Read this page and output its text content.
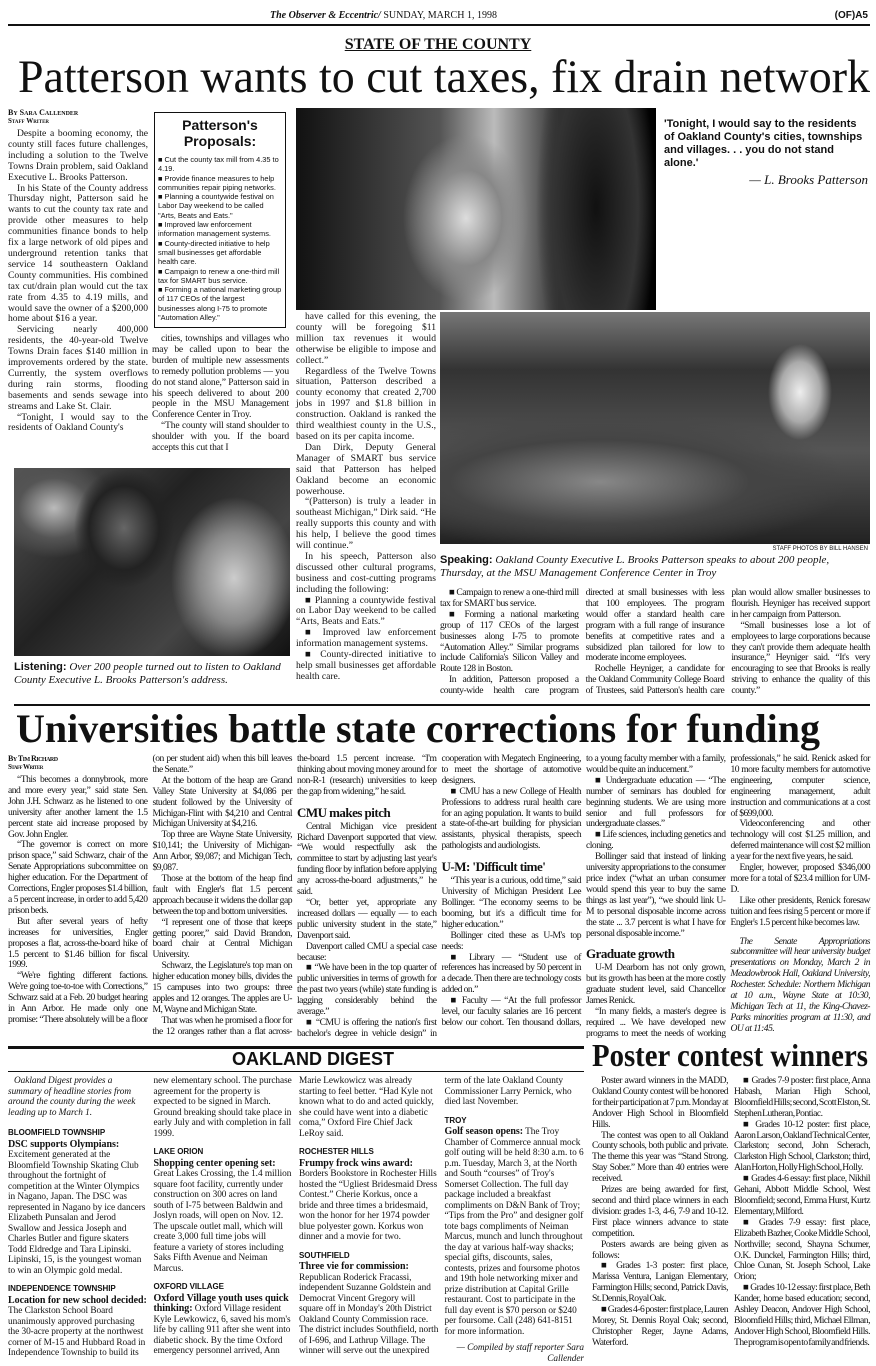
The Observer & Eccentric/ SUNDAY, MARCH 1, 1998	(OF)A5
STATE OF THE COUNTY
Patterson wants to cut taxes, fix drain network

By Sara Callender

Staff Writer

Despite a booming economy, the county still faces future challenges, including a solution to the Twelve Towns Drain problem, said Oakland Executive L. Brooks Patterson.

In his State of the County address Thursday night, Patterson said he wants to cut the county tax rate and provide other measures to help communities finance bonds to help fix a large network of old pipes and underground retention tanks that service 14 southeastern Oakland County communities. His combined tax cut/drain plan would cut the tax rate from 4.35 to 4.19 mills, and would save the owner of a $200,000 home about $16 a year.

Servicing nearly 400,000 residents, the 40-year-old Twelve Towns Drain faces $140 million in improvements ordered by the state. Currently, the system overflows during rain storms, flooding basements and sends sewage into streams and Lake St. Clair.

“Tonight, I would say to the residents of Oakland County's

Patterson's Proposals:
■ Cut the county tax mill from 4.35 to 4.19.
■ Provide finance measures to help communities repair piping networks.
■ Planning a countywide festival on Labor Day weekend to be called "Arts, Beats and Eats."
■ Improved law enforcement information management systems.
■ County-directed initiative to help small businesses get affordable health care.
■ Campaign to renew a one-third mill tax for SMART bus service.
■ Forming a national marketing group of 117 CEOs of the largest businesses along I-75 to promote "Automation Alley."

cities, townships and villages who may be called upon to bear the burden of multiple new assessments to remedy pollution problems — you do not stand alone,” Patterson said in his speech delivered to about 200 people in the MSU Management Conference Center in Troy.

“The county will stand shoulder to shoulder with you. If the board accepts this cut that I

'Tonight, I would say to the residents of Oakland County's cities, townships and villages. . . you do not stand alone.'
— L. Brooks Patterson
STAFF PHOTOS BY BILL HANSEN
Speaking: Oakland County Executive L. Brooks Patterson speaks to about 200 people, Thursday, at the MSU Management Conference Center in Troy

have called for this evening, the county will be foregoing $11 million tax revenues it would otherwise be eligible to impose and collect.”

Regardless of the Twelve Towns situation, Patterson described a county economy that created 2,700 jobs in 1997 and $1.8 billion in construction. Oakland is ranked the third wealthiest county in the U.S., based on its per capita income.

Dan Dirk, Deputy General Manager of SMART bus service said that Patterson has helped Oakland become an economic powerhouse.

“(Patterson) is truly a leader in southeast Michigan,” Dirk said. “He really supports this county and with his help, I believe the good times will continue.”

In his speech, Patterson also discussed other cultural programs, business and cost-cutting programs including the following:

■ Planning a countywide festival on Labor Day weekend to be called “Arts, Beats and Eats.”

■ Improved law enforcement information management systems.

■ County-directed initiative to help small businesses get affordable health care.

Listening: Over 200 people turned out to listen to Oakland County Executive L. Brooks Patterson's address.

■ Campaign to renew a one-third mill tax for SMART bus service.

■ Forming a national marketing group of 117 CEOs of the largest businesses along I-75 to promote “Automation Alley.” Similar programs include California's Silicon Valley and Route 128 in Boston.

In addition, Patterson proposed a county-wide health care program directed at small businesses with less that 100 employees. The program would offer a standard health care program with a full range of insurance benefits at competitive rates and a subsidized plan tailored for low to moderate income employees.

Rochelle Heyniger, a candidate for the Oakland Community College Board of Trustees, said Patterson's health care plan would allow smaller businesses to flourish. Heyniger has received support in her campaign from Patterson.

“Small businesses lose a lot of employees to large corporations because they can't provide them adequate health insurance,” Heyniger said. “It's very encouraging to see that Brooks is really striving to enhance the quality of this county.”

Universities battle state corrections for funding

By Tim Richard

Staff Writer

“This becomes a donnybrook, more and more every year,” said state Sen. John J.H. Schwarz as he listened to one university after another lament the 1.5 percent state aid increase proposed by Gov. John Engler.

“The governor is correct on more prison space,” said Schwarz, chair of the Senate Appropriations subcommittee on higher education. For the Department of Corrections, Engler proposes $1.4 billion, a 5 percent increase, in order to add 5,420 prison beds.

But after several years of hefty increases for universities, Engler proposes a flat, across-the-board hike of 1.5 percent to $1.46 billion for fiscal 1999.

“We're fighting different factions. We're going toe-to-toe with Corrections,” Schwarz said at a Feb. 20 budget hearing in Ann Arbor. He made only one promise: “There absolutely will be a floor (on per student aid) when this bill leaves the Senate.”

At the bottom of the heap are Grand Valley State University at $4,086 per student followed by the University of Michigan-Flint with $4,210 and Central Michigan University at $4,216.

Top three are Wayne State University, $10,141; the University of Michigan-Ann Arbor, $9,087; and Michigan Tech, $9,087.

Those at the bottom of the heap find fault with Engler's flat 1.5 percent approach because it widens the dollar gap between the top and bottom universities.

“I represent one of those that keeps getting poorer,” said David Brandon, board chair at Central Michigan University.

Schwarz, the Legislature's top man on higher education money bills, divides the 15 campuses into two groups: three apples and 12 oranges. The apples are U-M, Wayne and Michigan State.

That was when he promised a floor for the 12 oranges rather than a flat across-the-board 1.5 percent increase. “I'm thinking about moving money around for non-R-1 (research) universities to keep the gap from widening,” he said.

CMU makes pitch

Central Michigan vice president Richard Davenport supported that view. “We would respectfully ask the committee to start by adjusting last year's funding floor by inflation before applying any across-the-board adjustments,” he said.

“Or, better yet, appropriate any increased dollars — equally — to each public university student in the state,” Davenport said.

Davenport called CMU a special case because:

■ “We have been in the top quarter of public universities in terms of growth for the past two years (while) state funding is lagging considerably behind the average.”

■ “CMU is offering the nation's first bachelor's degree in vehicle design” in cooperation with Megatech Engineering, to meet the shortage of automotive designers.

■ CMU has a new College of Health Professions to address rural health care for an aging population. It wants to build a state-of-the-art building for physician assistants, physical therapists, speech pathologists and audiologists.

U-M: 'Difficult time'

“This year is a curious, odd time,” said University of Michigan President Lee Bollinger. “The economy seems to be booming, but it's a difficult time for higher education.”

Bollinger cited these as U-M's top needs:

■ Library — “Student use of references has increased by 50 percent in a decade. Then there are technology costs added on.”

■ Faculty — “At the full professor level, our faculty salaries are 16 percent below our cohort. Ten thousand dollars, to a young faculty member with a family, would be quite an inducement.”

■ Undergraduate education — “The number of seminars has doubled for beginning students. We are using more senior and full professors for undergraduate classes.”

■ Life sciences, including genetics and cloning.

Bollinger said that instead of linking university appropriations to the consumer price index (“what an urban consumer would spend this year to buy the same things as last year”), “we should link U-M to personal disposable income across the state ... 3.7 percent is what I have for personal disposable income.”

Graduate growth

U-M Dearborn has not only grown, but its growth has been at the more costly graduate student level, said Chancellor James Renick.

“In many fields, a master's degree is required ... We have developed new programs to meet the needs of working professionals,” he said. Renick asked for 10 more faculty members for automotive engineering, computer science, engineering management, adult instruction and communications at a cost of $699,000.

Videoconferencing and other technology will cost $1.25 million, and deferred maintenance will cost $2 million a year for the next five years, he said.

Engler, however, proposed $346,000 more for a total of $23.4 million for UM-D.

Like other presidents, Renick foresaw tuition and fees rising 5 percent or more if Engler's 1.5 percent hike becomes law.

The Senate Appropriations subcommittee will hear university budget presentations on Monday, March 2 in Meadowbrook Hall, Oakland University, Rochester. Schedule: Northern Michigan at 10 a.m., Wayne State at 10:30, Michigan Tech at 11, the King-Chavez-Parks minorities program at 11:30, and OU at 11:45.

OAKLAND DIGEST

Oakland Digest provides a summary of headline stories from around the county during the week leading up to March 1.

BLOOMFIELD TOWNSHIP

DSC supports Olympians: Excitement generated at the Bloomfield Township Skating Club throughout the fortnight of competition at the Winter Olympics in Nagano, Japan. The DSC was represented in Nagano by ice dancers Elizabeth Punsalan and Jerod Swallow and Jessica Joseph and Charles Butler and figure skaters Todd Eldredge and Tara Lipinski. Lipinski, 15, is the youngest woman to win an Olympic gold medal.

INDEPENDENCE TOWNSHIP

Location for new school decided: The Clarkston School Board unanimously approved purchasing the 30-acre property at the northwest corner of M-15 and Hubbard Road in Independence Township to build its new elementary school. The purchase agreement for the property is expected to be signed in March. Ground breaking should take place in early July and with completion in fall 1999.

LAKE ORION

Shopping center opening set: Great Lakes Crossing, the 1.4 million square foot facility, currently under construction on 300 acres on land south of I-75 between Baldwin and Joslyn roads, will open on Nov. 12. The upscale outlet mall, which will create 3,000 full time jobs will feature a variety of stores including Saks Fifth Avenue and Neiman Marcus.

OXFORD VILLAGE

Oxford Village youth uses quick thinking: Oxford Village resident Kyle Lewkowicz, 6, saved his mom's life by calling 911 after she went into diabetic shock. By the time Oxford emergency personnel arrived, Ann Marie Lewkowicz was already starting to feel better. “Had Kyle not known what to do and acted quickly, she could have went into a diabetic coma,” Oxford Fire Chief Jack LeRoy said.

ROCHESTER HILLS

Frumpy frock wins award: Borders Bookstore in Rochester Hills hosted the “Ugliest Bridesmaid Dress Contest.” Cherie Korkus, once a bride and three times a bridesmaid, won the honor for her 1974 powder blue polyester gown. Korkus won dinner and a movie for two.

SOUTHFIELD

Three vie for commission: Republican Roderick Fracassi, independent Suzanne Goldstein and Democrat Vincent Gregory will square off in Monday's 20th District Oakland County Commission race. The district includes Southfield, north of I-696, and Lathrup Village. The winner will serve out the unexpired term of the late Oakland County Commissioner Larry Pernick, who died last November.

TROY

Golf season opens: The Troy Chamber of Commerce annual mock golf outing will be held 8:30 a.m. to 6 p.m. Tuesday, March 3, at the North and South “courses” of Troy's Somerset Collection. The full day package included a breakfast compliments on D&N Bank of Troy; “Tips from the Pro” and designer golf tote bags compliments of Neiman Marcus, munch and lunch throughout the day at various half-way shacks; special gifts, discounts, sales, contests, prizes and foursome photos and 19th hole networking mixer and prize distribution at Capital Grille restaurant. Cost to participate in the full day event is $70 person or $240 per foursome. Call (248) 641-8151 for more information.

— Compiled by staff reporter Sara Callender

Poster contest winners

Poster award winners in the MADD, Oakland County contest will be honored for their participation at 7 p.m. Monday at Andover High School in Bloomfield Hills.

The contest was open to all Oakland County schools, both public and private. The theme this year was “Stand Strong. Stay Sober.” More than 40 entries were received.

Prizes are being awarded for first, second and third place winners in each division: grades 1-3, 4-6, 7-9 and 10-12. First place winners advance to state competition.

Posters awards are being given as follows:

■ Grades 1-3 poster: first place, Marissa Ventura, Lanigan Elementary, Farmington Hills; second, Patrick Davis, St. Dennis, Royal Oak.

■ Grades 4-6 poster: first place, Lauren Morey, St. Dennis Royal Oak; second, Christopher Reger, Jayne Adams, Waterford.

■ Grades 7-9 poster: first place, Anna Habash, Marian High School, Bloomfield Hills; second, Scott Elston, St. Stephen Lutheran, Pontiac.

■ Grades 10-12 poster: first place, Aaron Larson, Oakland Technical Center, Clarkston; second, John Scherach, Clarkston High School, Clarkston; third, Alan Horton, Holly High School, Holly.

■ Grades 4-6 essay: first place, Nikhil Gehani, Abbott Middle School, West Bloomfield; second, Emma Hurst, Kurtz Elementary, Milford.

■ Grades 7-9 essay: first place, Elizabeth Bazher, Cooke Middle School, Northville; second, Shayna Schumer, O.K. Dunckel, Farmington Hills; third, Chloe Cunan, St. Joseph School, Lake Orion;

■ Grades 10-12 essay: first place, Beth Kander, home based education; second, Ashley Deacon, Andover High School, Bloomfield Hills; third, Michael Ellman, Andover High School, Bloomfield Hills. The program is open to family and friends.
